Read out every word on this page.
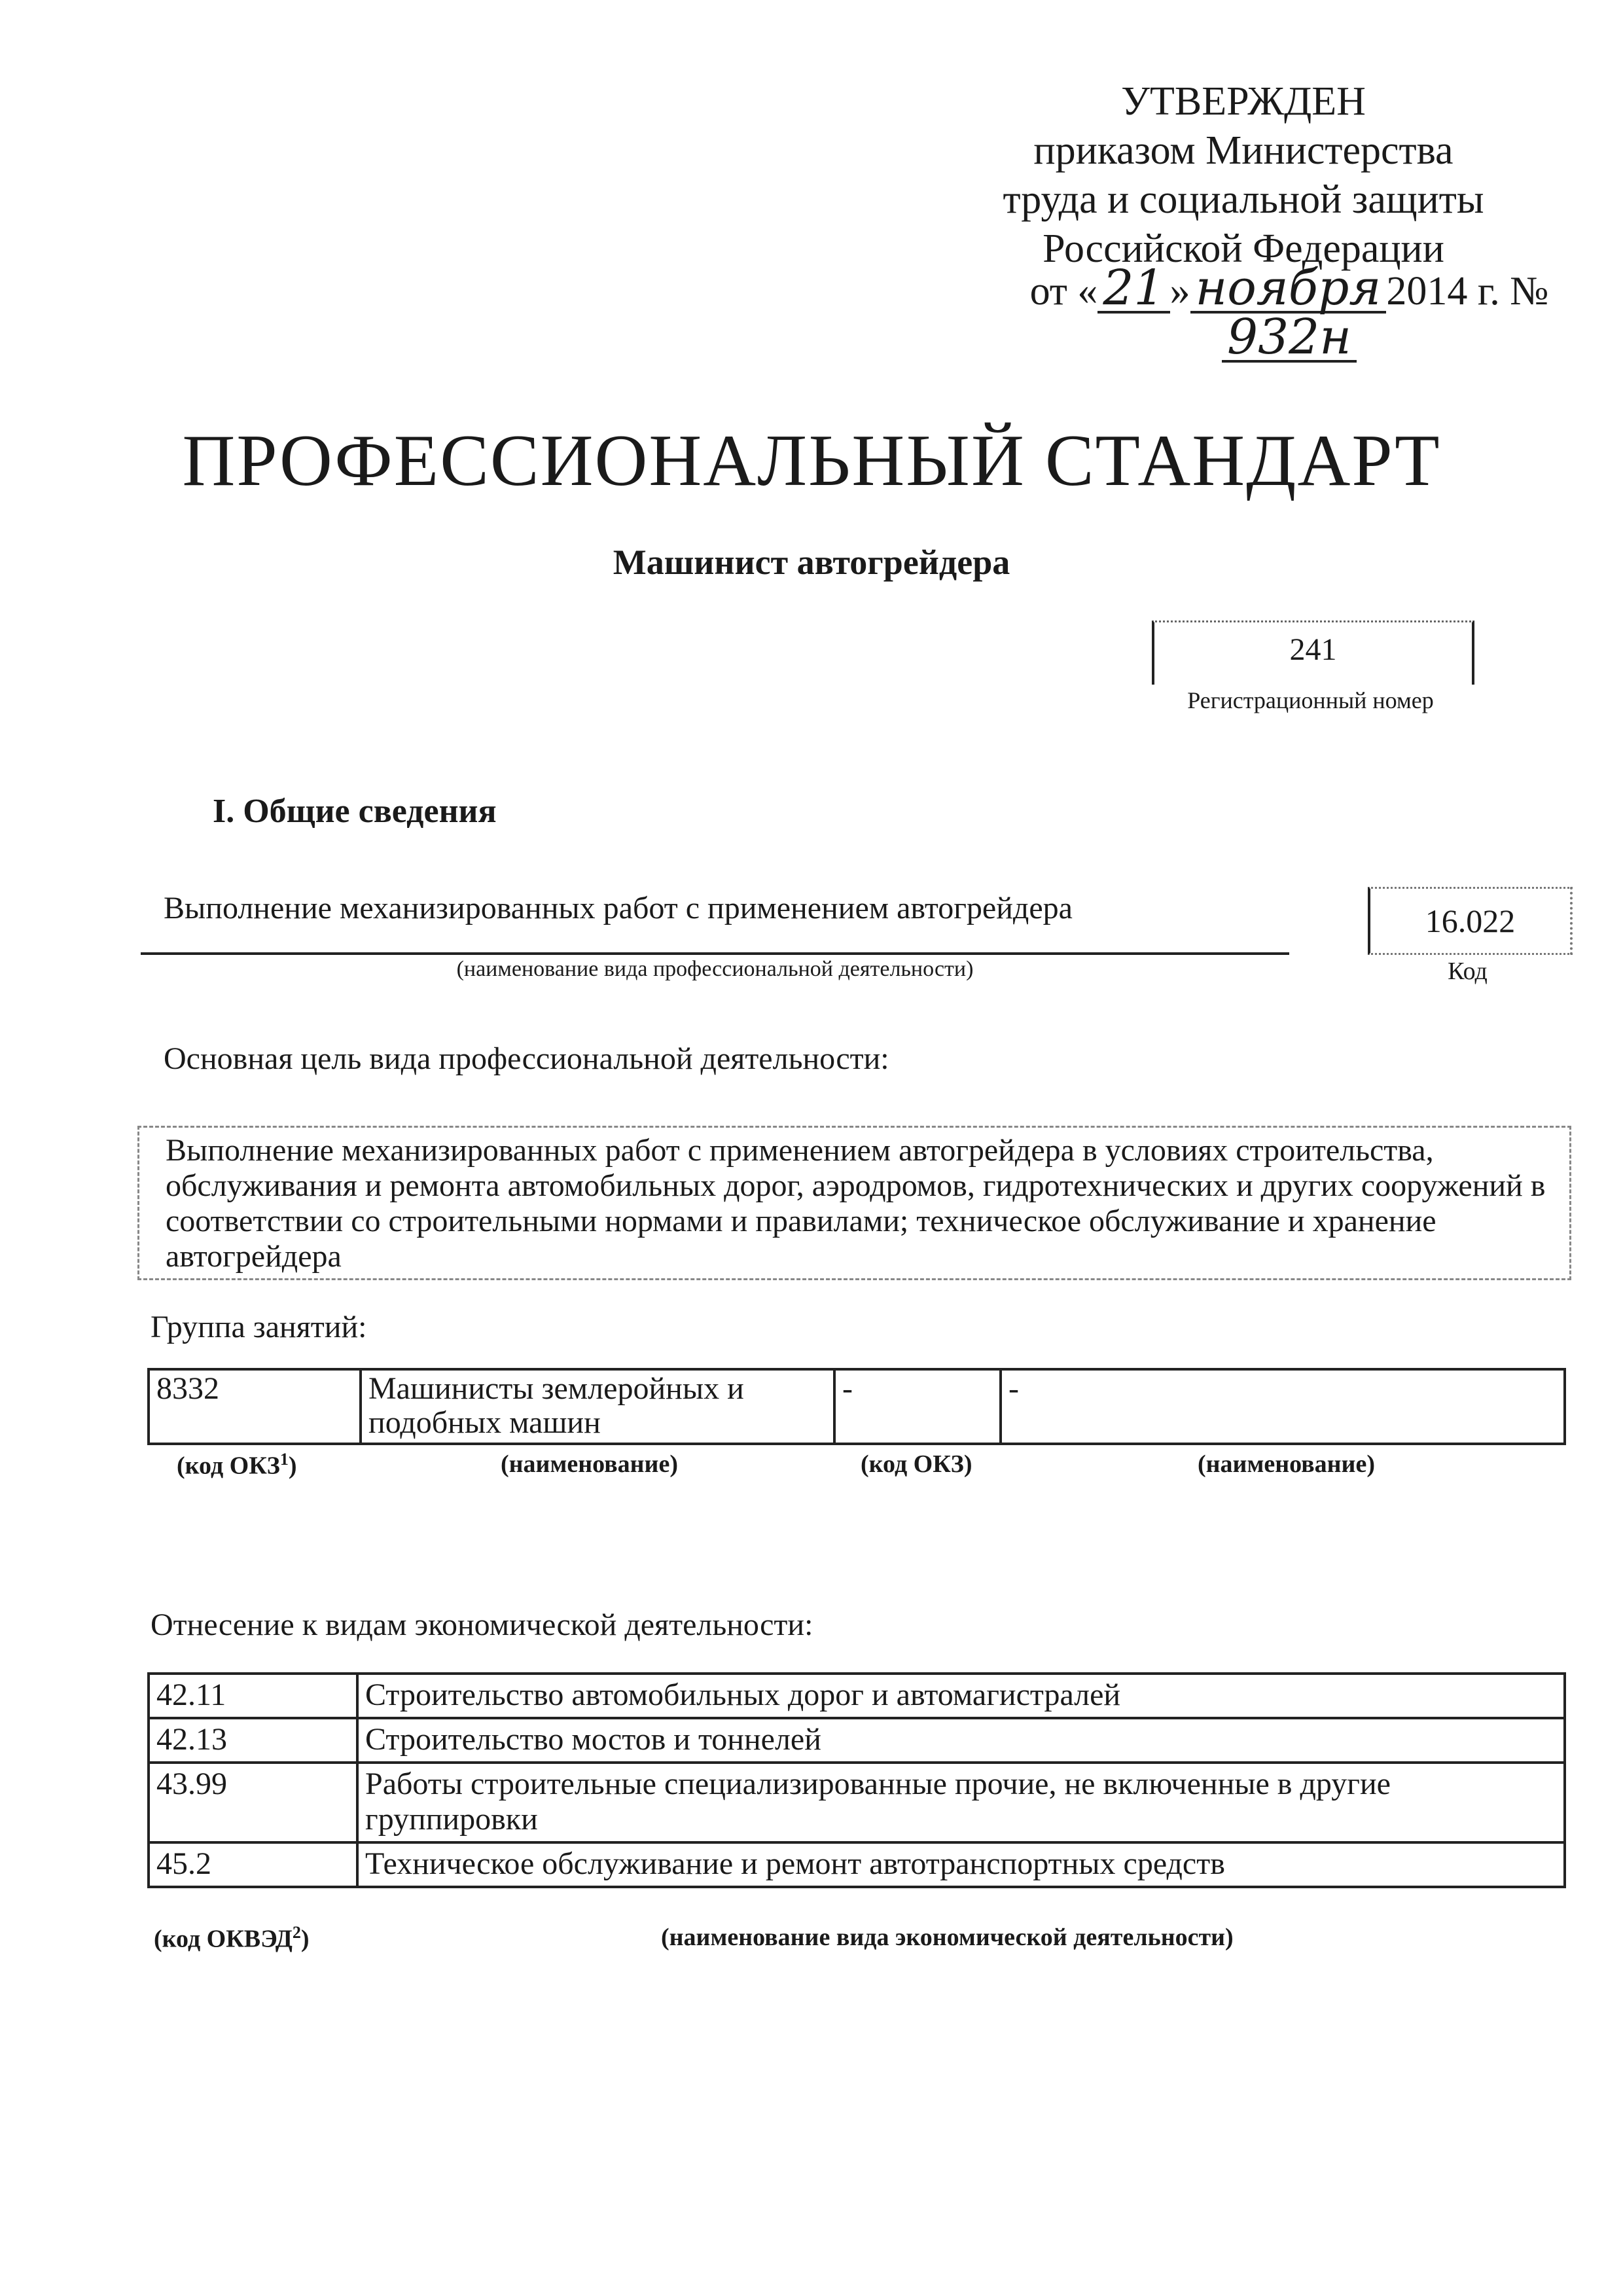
УТВЕРЖДЕН
приказом Министерства
труда и социальной защиты
Российской Федерации
от « 21 » ноября 2014 г. №932н
ПРОФЕССИОНАЛЬНЫЙ СТАНДАРТ
Машинист автогрейдера
241
Регистрационный номер
I. Общие сведения
Выполнение механизированных работ с применением автогрейдера
(наименование вида профессиональной деятельности)
16.022
Код
Основная цель вида профессиональной деятельности:
Выполнение механизированных работ с применением автогрейдера в условиях строительства, обслуживания и ремонта автомобильных дорог, аэродромов, гидротехнических и других сооружений в соответствии со строительными нормами и правилами; техническое обслуживание и хранение автогрейдера
Группа занятий:
8332	Машинисты землеройных и подобных машин	-	-
(код ОКЗ$^1$)	(наименование)	(код ОКЗ)	(наименование)
Отнесение к видам экономической деятельности:
42.11	Строительство автомобильных дорог и автомагистралей
42.13	Строительство мостов и тоннелей
43.99	Работы строительные специализированные прочие, не включенные в другие группировки
45.2	Техническое обслуживание и ремонт автотранспортных средств
(код ОКВЭД$^2$)	(наименование вида экономической деятельности)
